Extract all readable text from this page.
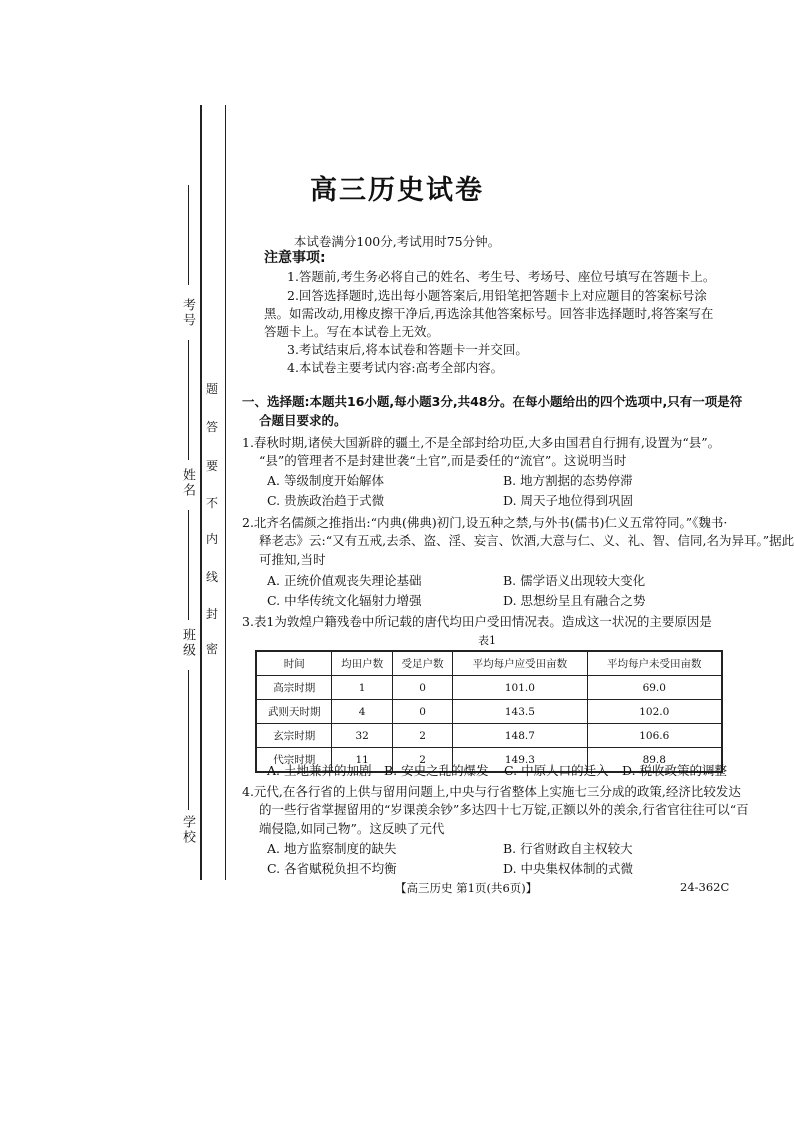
考号
姓名
班级
学校
密
封
线
内
不
要
答
题
高三历史试卷
本试卷满分100分,考试用时75分钟。
注意事项:
1.答题前,考生务必将自己的姓名、考生号、考场号、座位号填写在答题卡上。
2.回答选择题时,选出每小题答案后,用铅笔把答题卡上对应题目的答案标号涂
黑。如需改动,用橡皮擦干净后,再选涂其他答案标号。回答非选择题时,将答案写在
答题卡上。写在本试卷上无效。
3.考试结束后,将本试卷和答题卡一并交回。
4.本试卷主要考试内容:高考全部内容。
一、选择题:本题共16小题,每小题3分,共48分。在每小题给出的四个选项中,只有一项是符
合题目要求的。
1.春秋时期,诸侯大国新辟的疆土,不是全部封给功臣,大多由国君自行拥有,设置为“县”。
“县”的管理者不是封建世袭“土官”,而是委任的“流官”。这说明当时
A. 等级制度开始解体	B. 地方割据的态势停滞
C. 贵族政治趋于式微	D. 周天子地位得到巩固
2.北齐名儒颜之推指出:“内典(佛典)初门,设五种之禁,与外书(儒书)仁义五常符同。”《魏书·
释老志》云:“又有五戒,去杀、盗、淫、妄言、饮酒,大意与仁、义、礼、智、信同,名为异耳。”据此
可推知,当时
A. 正统价值观丧失理论基础	B. 儒学语义出现较大变化
C. 中华传统文化辐射力增强	D. 思想纷呈且有融合之势
3.表1为敦煌户籍残卷中所记载的唐代均田户受田情况表。造成这一状况的主要原因是
表1
时间	均田户数	受足户数	平均每户应受田亩数	平均每户未受田亩数
高宗时期	1	0	101.0	69.0
武则天时期	4	0	143.5	102.0
玄宗时期	32	2	148.7	106.6
代宗时期	11	2	149.3	89.8
A. 土地兼并的加剧 B. 安史之乱的爆发 C. 中原人口的迁入 D. 税收政策的调整
4.元代,在各行省的上供与留用问题上,中央与行省整体上实施七三分成的政策,经济比较发达
的一些行省掌握留用的“岁课羡余钞”多达四十七万锭,正额以外的羡余,行省官往往可以“百
端侵隐,如同己物”。这反映了元代
A. 地方监察制度的缺失	B. 行省财政自主权较大
C. 各省赋税负担不均衡	D. 中央集权体制的式微
【高三历史 第1页(共6页)】	24-362C
